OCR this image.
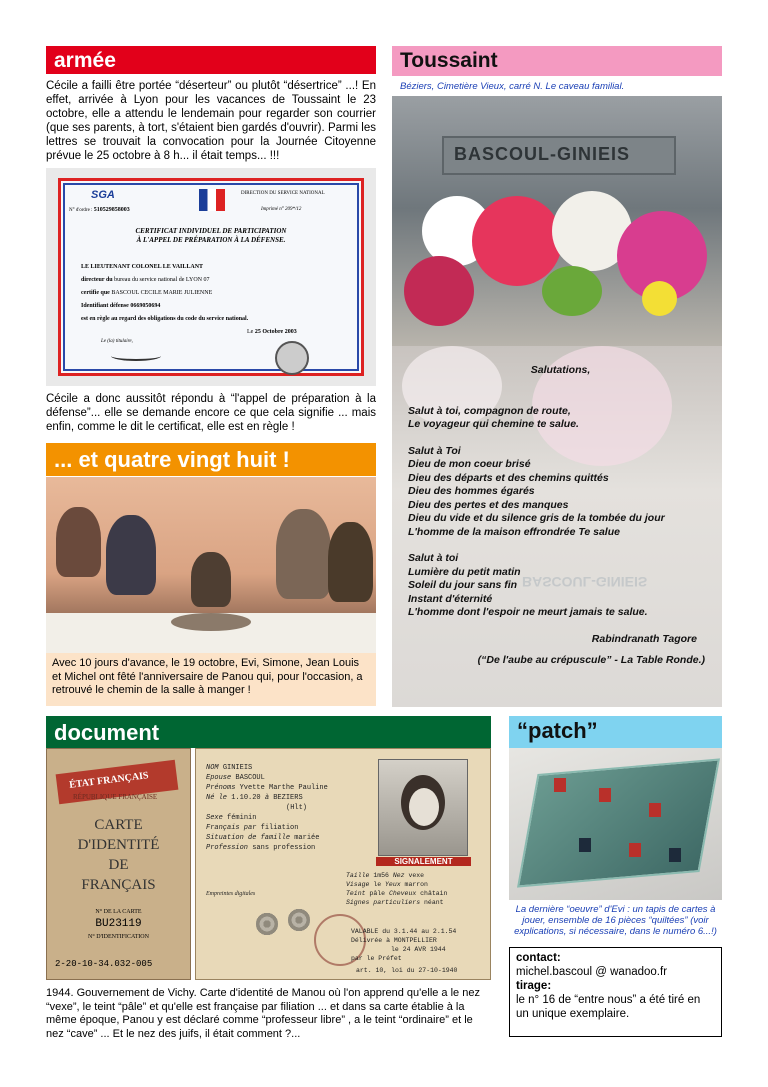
armée
Cécile a failli être portée “déserteur” ou plutôt “désertrice” ...! En effet, arrivée à Lyon pour les vacances de Toussaint le 23 octobre, elle a attendu le lendemain pour regarder son courrier (que ses parents, à tort, s'étaient bien gardés d'ouvrir). Parmi les lettres se trouvait la convocation pour la Journée Citoyenne prévue le 25 octobre à 8 h... il était temps... !!!
SGA
N° d'ordre : 510529858003
DIRECTION DU SERVICE NATIONAL
Imprimé n° 209*/12
CERTIFICAT INDIVIDUEL DE PARTICIPATION
À L'APPEL DE PRÉPARATION À LA DÉFENSE.
LE LIEUTENANT COLONEL LE VAILLANT
directeur du bureau du service national de LYON 07
certifie que BASCOUL CECILE MARIE JULIENNE
Identifiant défense 0669050694
est en règle au regard des obligations du code du service national.
Le 25 Octobre 2003
Le (la) titulaire,
Cécile a donc aussitôt répondu à “l'appel de préparation à la défense”... elle se demande encore ce que cela signifie ... mais enfin, comme le dit le certificat, elle est en règle !
... et quatre vingt huit !
Avec 10 jours d'avance, le 19 octobre, Evi, Simone, Jean Louis et Michel ont fêté l'anniversaire de Panou qui, pour l'occasion, a retrouvé le chemin de la salle à manger !
Toussaint
Béziers, Cimetière Vieux, carré N. Le caveau familial.
BASCOUL-GINIEIS
BASCOUL-GINIEIS

Salutations,

Salut à toi, compagnon de route,

Le voyageur qui chemine te salue.

Salut à Toi

Dieu de mon coeur brisé

Dieu des départs et des chemins quittés

Dieu des hommes égarés

Dieu des pertes et des manques

Dieu du vide et du silence gris de la tombée du jour

L'homme de la maison effrondrée Te salue

Salut à toi

Lumière du petit matin

Soleil du jour sans fin

Instant d'éternité

L'homme dont l'espoir ne meurt jamais te salue.

Rabindranath Tagore

(“De l'aube au crépuscule” - La Table Ronde.)

document
ÉTAT FRANÇAIS
RÉPUBLIQUE FRANÇAISE
CARTE
D'IDENTITÉ
DE
FRANÇAIS
N° DE LA CARTE
BU23119
N° D'IDENTIFICATION
2-20-10-34.032-005
NOM GINIEIS
Epouse BASCOUL
Prénoms Yvette Marthe Pauline
Né le 1.10.20 à BEZIERS
(Hlt)
Sexe féminin
Français par filiation
Situation de famille mariée
Profession sans profession
SIGNALEMENT
Taille 1m56 Nez vexe
Visage le Yeux marron
Teint pâle Cheveux châtain
Signes particuliers néant
Empreintes digitales
VALABLE du 3.1.44 au 2.1.54
Délivrée à MONTPELLIER
le 24 AVR 1944
par le Préfet
art. 10, loi du 27-10-1940
1944. Gouvernement de Vichy. Carte d'identité de Manou où l'on apprend qu'elle a le nez “vexe”, le teint “pâle” et qu'elle est française par filiation ... et dans sa carte établie à la même époque, Panou y est déclaré comme “professeur libre” , a le teint “ordinaire” et le nez “cave” ... Et le nez des juifs, il était comment ?...
“patch”
La dernière “oeuvre” d'Evi : un tapis de cartes à jouer, ensemble de 16 pièces “quiltées” (voir explications, si nécessaire, dans le numéro 6...!)
contact:
michel.bascoul @ wanadoo.fr
tirage:
le n° 16 de “entre nous” a été tiré en un unique exemplaire.
